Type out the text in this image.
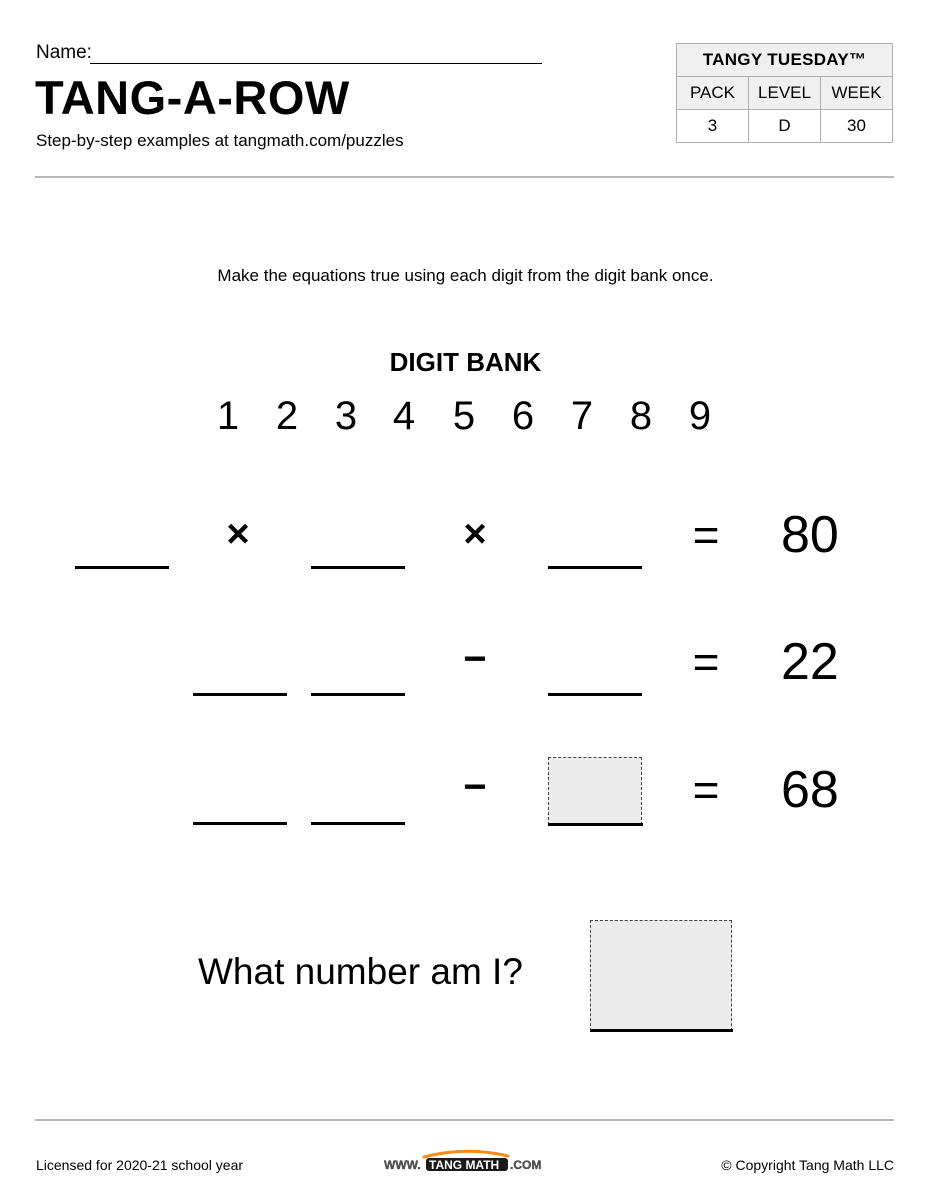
Name:
TANG-A-ROW
Step-by-step examples at tangmath.com/puzzles
TANGY TUESDAY™		
PACK	LEVEL	WEEK
3	D	30
Make the equations true using each digit from the digit bank once.
DIGIT BANK
1 2 3 4 5 6 7 8 9
×	×	= 80
−	= 22
−	= 68
What number am I?
Licensed for 2020-21 school year	WWW. TANG MATH .COM	© Copyright Tang Math LLC
